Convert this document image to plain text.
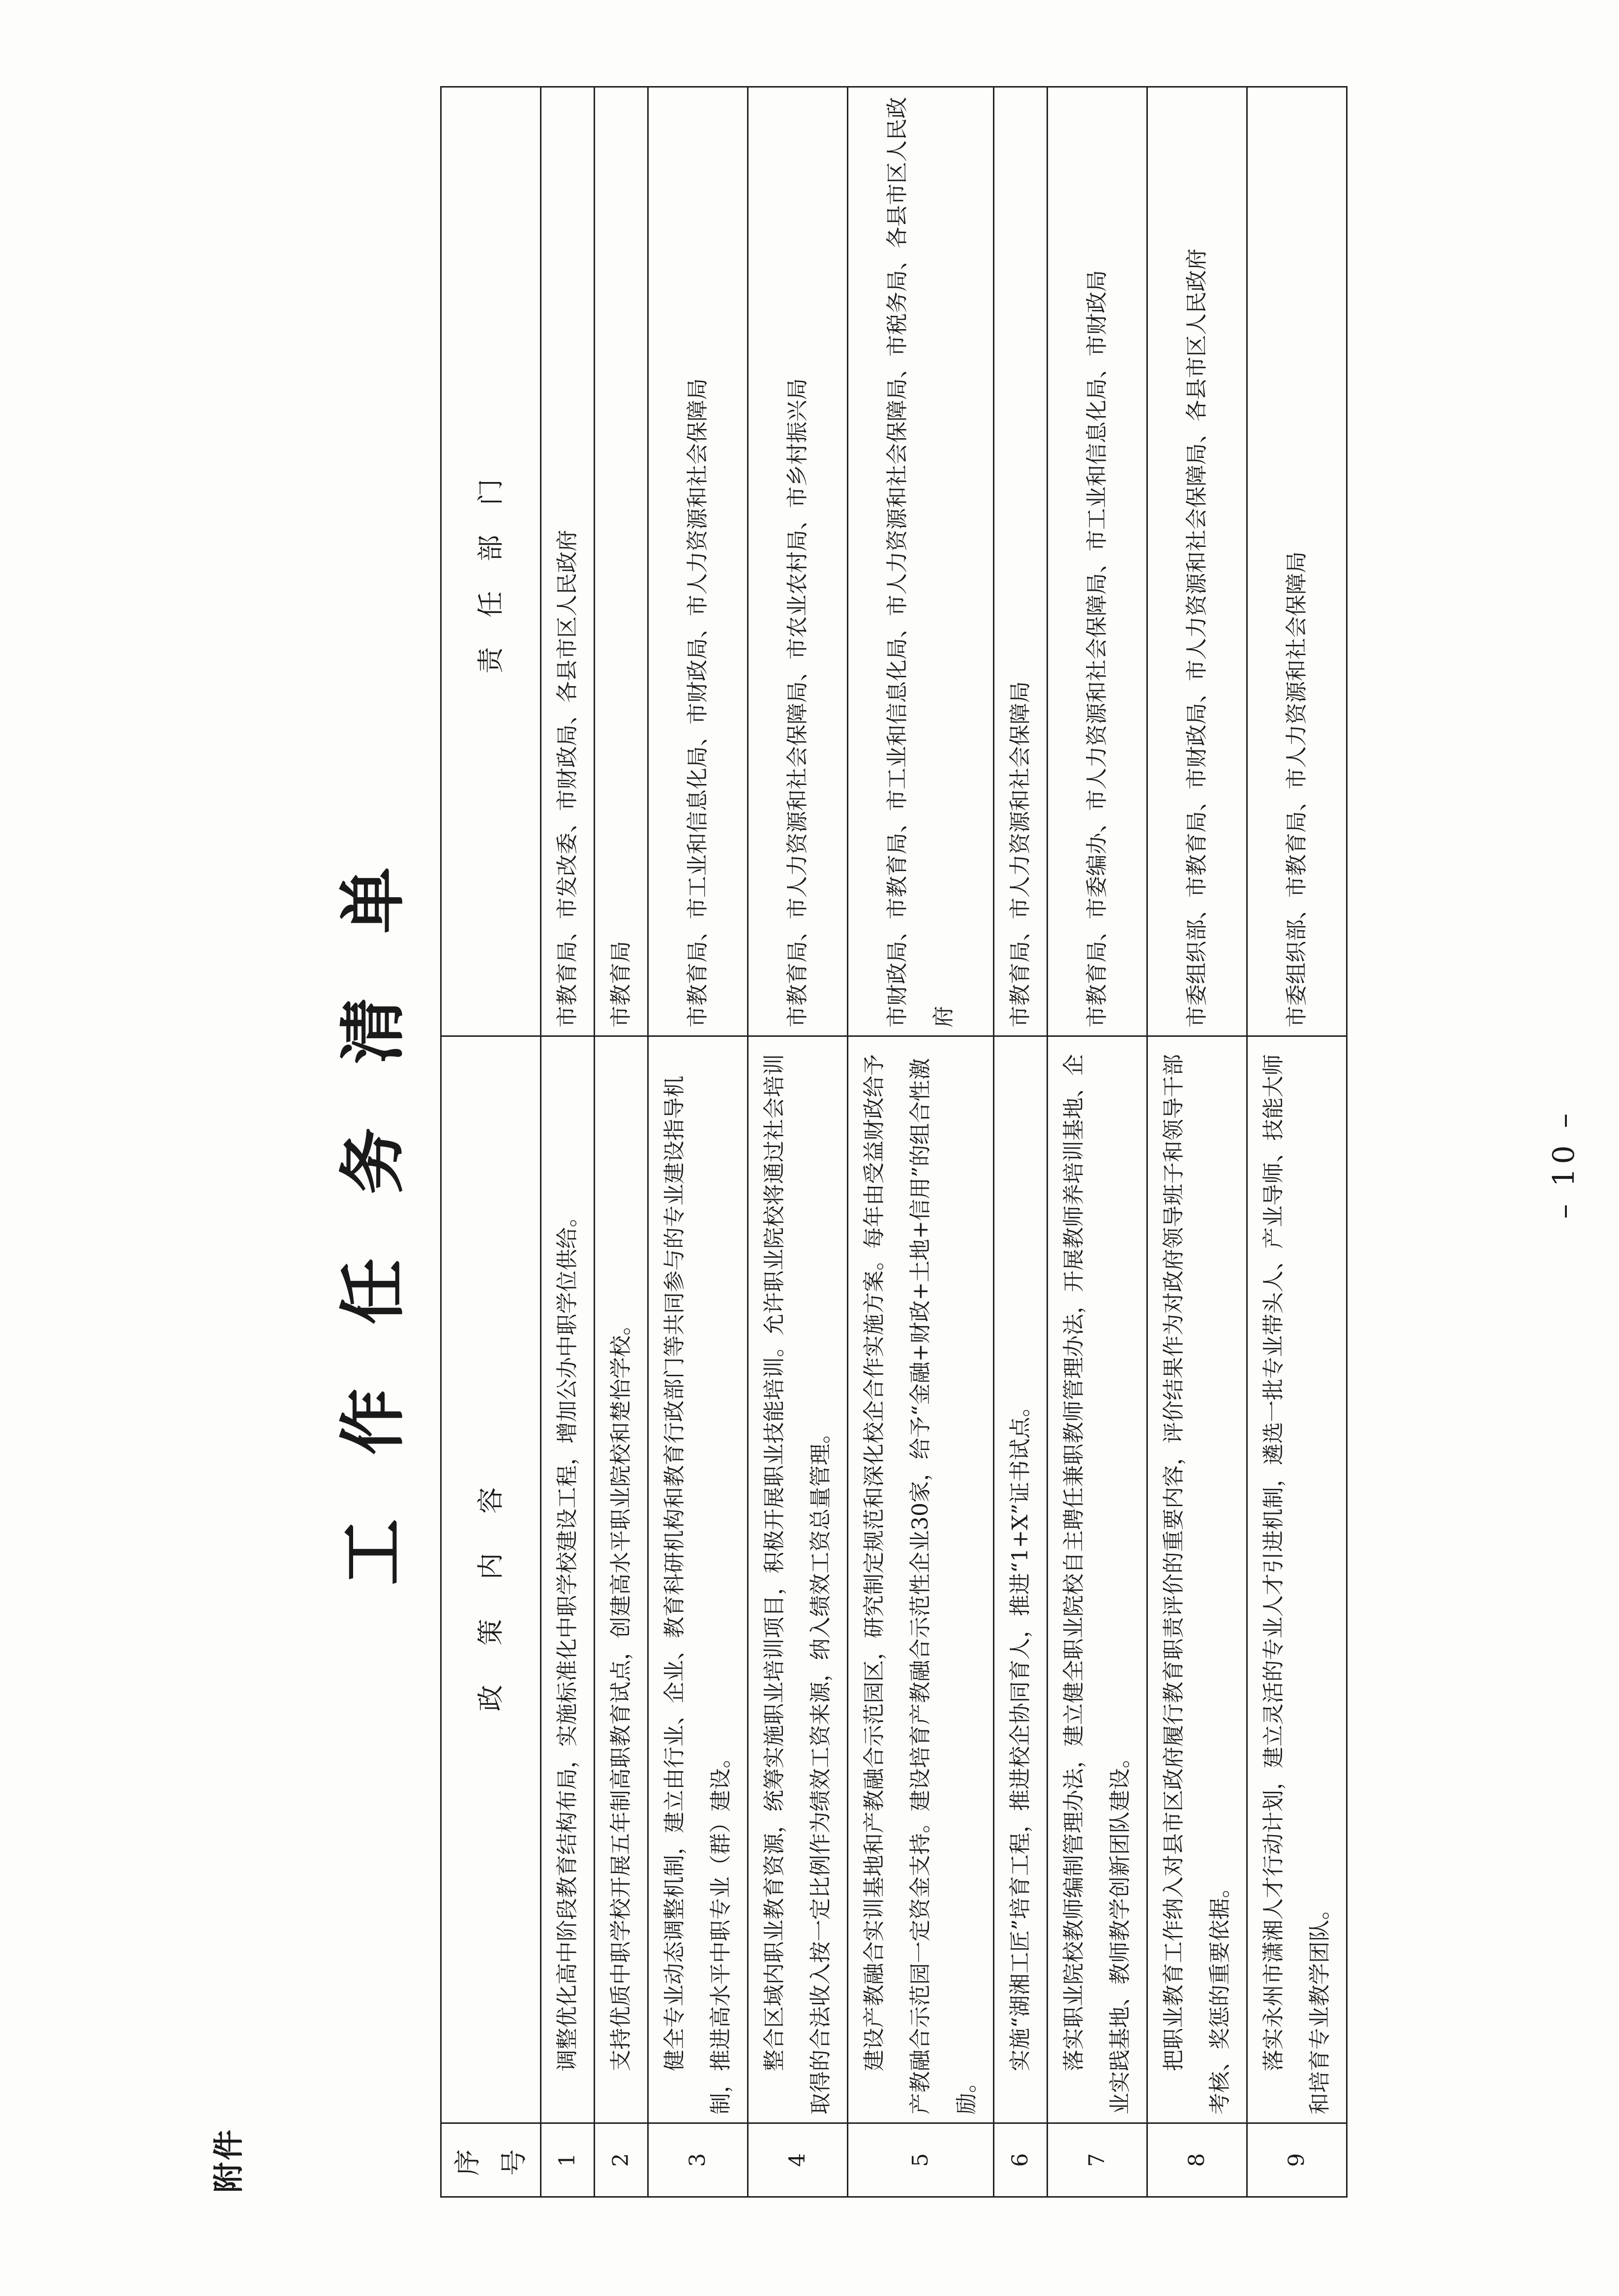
附件
工作任务清单
序号	政策内容	责任部门
1	调整优化高中阶段教育结构布局，实施标准化中职学校建设工程，增加公办中职学位供给。	市教育局、市发改委、市财政局、各县市区人民政府
2	支持优质中职学校开展五年制高职教育试点，创建高水平职业院校和楚怡学校。	市教育局
3	健全专业动态调整机制，建立由行业、企业、教育科研机构和教育行政部门等共同参与的专业建设指导机制，推进高水平中职专业（群）建设。	市教育局、市工业和信息化局、市财政局、市人力资源和社会保障局
4	整合区域内职业教育资源，统筹实施职业培训项目，积极开展职业技能培训。允许职业院校将通过社会培训取得的合法收入按一定比例作为绩效工资来源，纳入绩效工资总量管理。	市教育局、市人力资源和社会保障局、市农业农村局、市乡村振兴局
5	建设产教融合实训基地和产教融合示范园区，研究制定规范和深化校企合作实施方案。每年由受益财政给予产教融合示范园一定资金支持。建设培育产教融合示范性企业30家，给予“金融+财政+土地+信用”的组合性激励。	市财政局、市教育局、市工业和信息化局、市人力资源和社会保障局、市税务局、各县市区人民政府
6	实施“湖湘工匠”培育工程，推进校企协同育人，推进“1+X”证书试点。	市教育局、市人力资源和社会保障局
7	落实职业院校教师编制管理办法，建立健全职业院校自主聘任兼职教师管理办法，开展教师养培训基地、企业实践基地、教师教学创新团队建设。	市教育局、市委编办、市人力资源和社会保障局、市工业和信息化局、市财政局
8	把职业教育工作纳入对县市区政府履行教育职责评价的重要内容，评价结果作为对政府领导班子和领导干部考核、奖惩的重要依据。	市委组织部、市教育局、市财政局、市人力资源和社会保障局、各县市区人民政府
9	落实永州市潇湘人才行动计划，建立灵活的专业人才引进机制，遴选一批专业带头人、产业导师、技能大师和培育专业教学团队。	市委组织部、市教育局、市人力资源和社会保障局
– 10 –
